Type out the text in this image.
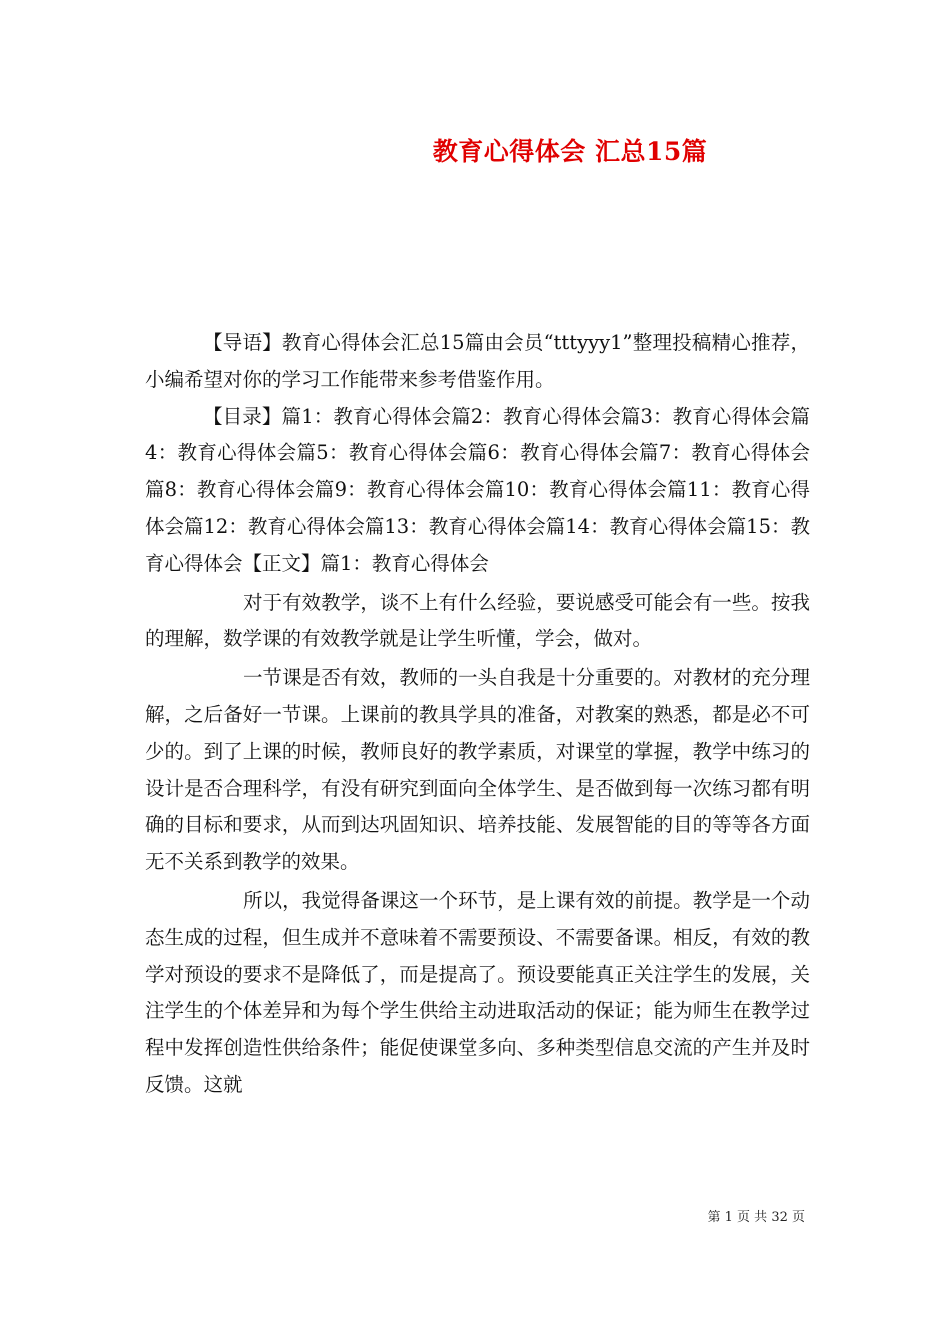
教育心得体会 汇总15篇

【导语】教育心得体会汇总15篇由会员“tttyyy1”整理投稿精心推荐，小编希望对你的学习工作能带来参考借鉴作用。

【目录】篇1：教育心得体会篇2：教育心得体会篇3：教育心得体会篇4：教育心得体会篇5：教育心得体会篇6：教育心得体会篇7：教育心得体会篇8：教育心得体会篇9：教育心得体会篇10：教育心得体会篇11：教育心得体会篇12：教育心得体会篇13：教育心得体会篇14：教育心得体会篇15：教育心得体会【正文】篇1：教育心得体会

对于有效教学，谈不上有什么经验，要说感受可能会有一些。按我的理解，数学课的有效教学就是让学生听懂，学会，做对。

一节课是否有效，教师的一头自我是十分重要的。对教材的充分理解，之后备好一节课。上课前的教具学具的准备，对教案的熟悉，都是必不可少的。到了上课的时候，教师良好的教学素质，对课堂的掌握，教学中练习的设计是否合理科学，有没有研究到面向全体学生、是否做到每一次练习都有明确的目标和要求，从而到达巩固知识、培养技能、发展智能的目的等等各方面无不关系到教学的效果。

所以，我觉得备课这一个环节，是上课有效的前提。教学是一个动态生成的过程，但生成并不意味着不需要预设、不需要备课。相反，有效的教学对预设的要求不是降低了，而是提高了。预设要能真正关注学生的发展，关注学生的个体差异和为每个学生供给主动进取活动的保证；能为师生在教学过程中发挥创造性供给条件；能促使课堂多向、多种类型信息交流的产生并及时反馈。这就

第 1 页 共 32 页
